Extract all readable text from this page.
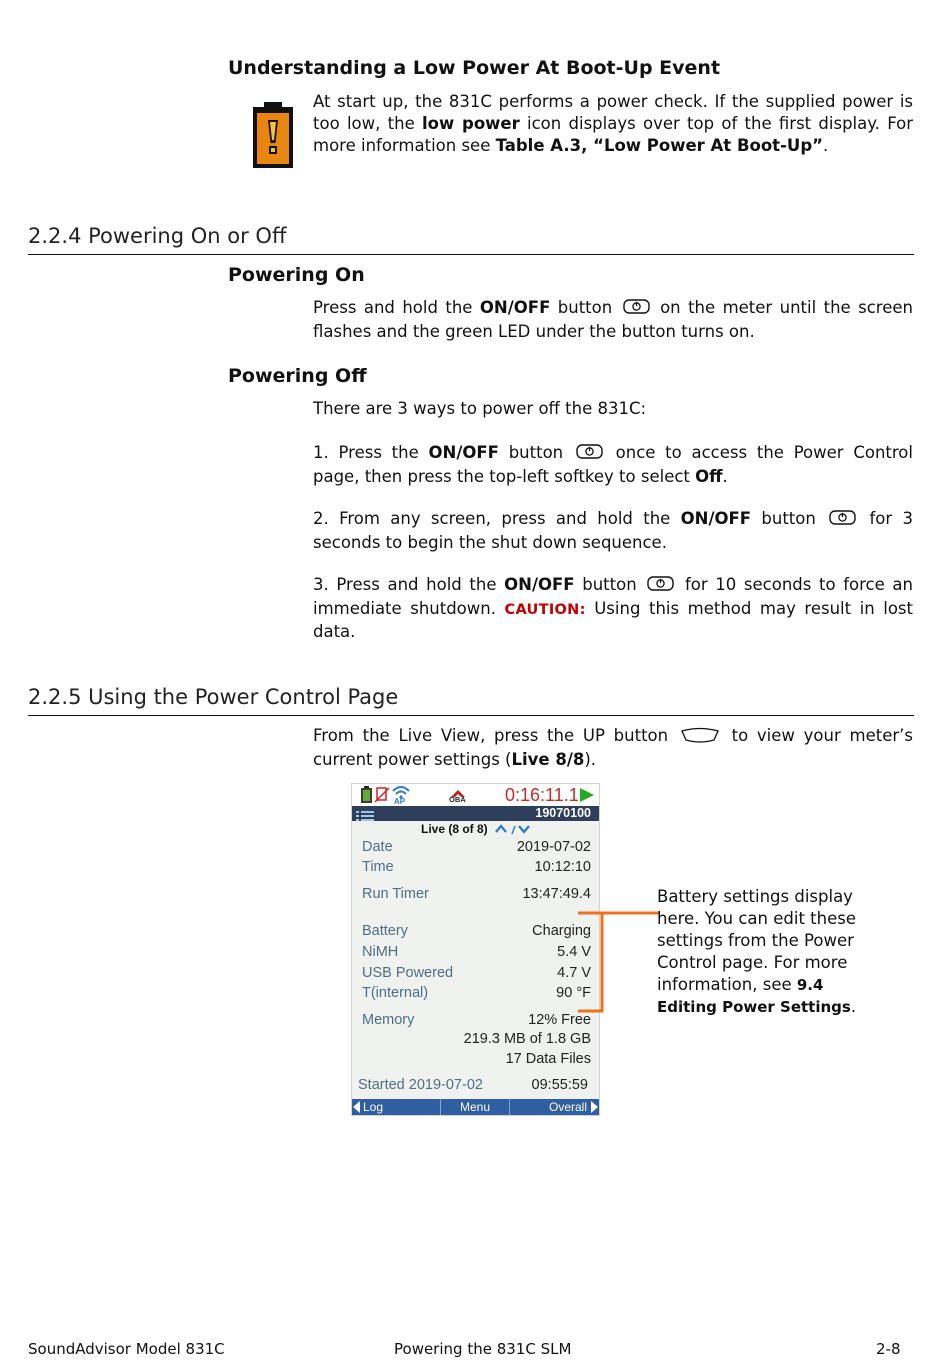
Understanding a Low Power At Boot-Up Event
At start up, the 831C performs a power check. If the supplied power is too low, the low power icon displays over top of the first display. For more information see Table A.3, “Low Power At Boot-Up”.
2.2.4 Powering On or Off
Powering On
Press and hold the ON/OFF button  on the meter until the screen flashes and the green LED under the button turns on.
Powering Off
There are 3 ways to power off the 831C:
1. Press the ON/OFF button  once to access the Power Control page, then press the top-left softkey to select Off.
2. From any screen, press and hold the ON/OFF button  for 3 seconds to begin the shut down sequence.
3. Press and hold the ON/OFF button  for 10 seconds to force an immediate shutdown. CAUTION: Using this method may result in lost data.
2.2.5 Using the Power Control Page
From the Live View, press the UP button	to view your meter’s current power settings (Live 8/8).
AP	OBA 0:16:11.1
19070100
Live (8 of 8)
Date	2019-07-02
Time	10:12:10
Run Timer	13:47:49.4
Battery	Charging
NiMH	5.4 V
USB Powered	4.7 V
T(internal)	90 °F
Memory	12% Free
219.3 MB of 1.8 GB
17 Data Files
Started 2019-07-02	09:55:59
Log	Menu	Overall
Battery settings display here. You can edit these settings from the Power Control page. For more information, see 9.4 Editing Power Settings.
SoundAdvisor Model 831C	Powering the 831C SLM	2-8
